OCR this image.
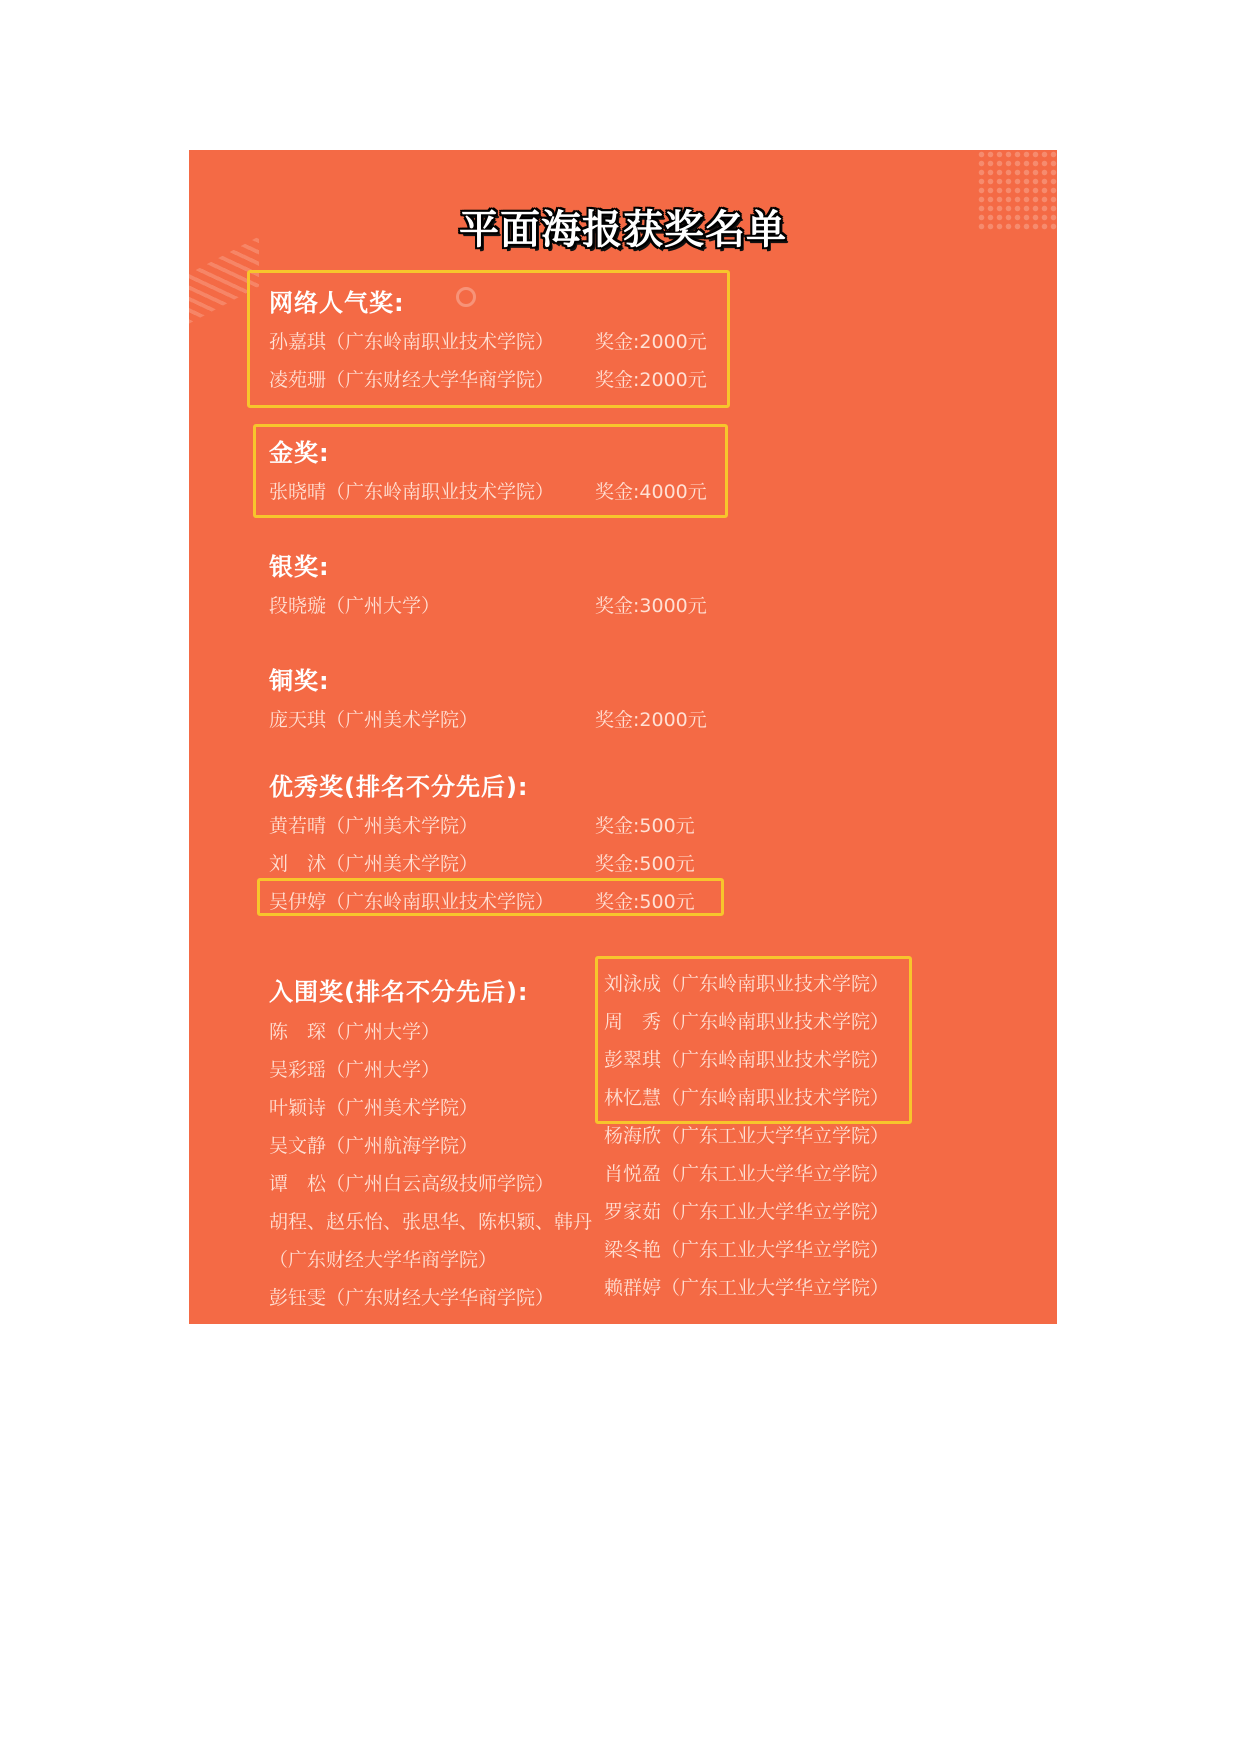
平面海报获奖名单
网络人气奖:
孙嘉琪（广东岭南职业技术学院） 奖金:2000元
凌苑珊（广东财经大学华商学院） 奖金:2000元
金奖:
张晓晴（广东岭南职业技术学院） 奖金:4000元
银奖:
段晓璇（广州大学）	奖金:3000元
铜奖:
庞天琪（广州美术学院）	奖金:2000元
优秀奖(排名不分先后):
黄若晴（广州美术学院）	奖金:500元
刘　沭（广州美术学院）	奖金:500元
吴伊婷（广东岭南职业技术学院） 奖金:500元
入围奖(排名不分先后):
陈　琛（广州大学）
吴彩瑶（广州大学）
叶颖诗（广州美术学院）
吴文静（广州航海学院）
谭　松（广州白云高级技师学院）
胡程、赵乐怡、张思华、陈枳颖、韩丹
（广东财经大学华商学院）
彭钰雯（广东财经大学华商学院）
刘泳成（广东岭南职业技术学院）
周　秀（广东岭南职业技术学院）
彭翠琪（广东岭南职业技术学院）
林忆慧（广东岭南职业技术学院）
杨海欣（广东工业大学华立学院）
肖悦盈（广东工业大学华立学院）
罗家茹（广东工业大学华立学院）
梁冬艳（广东工业大学华立学院）
赖群婷（广东工业大学华立学院）
